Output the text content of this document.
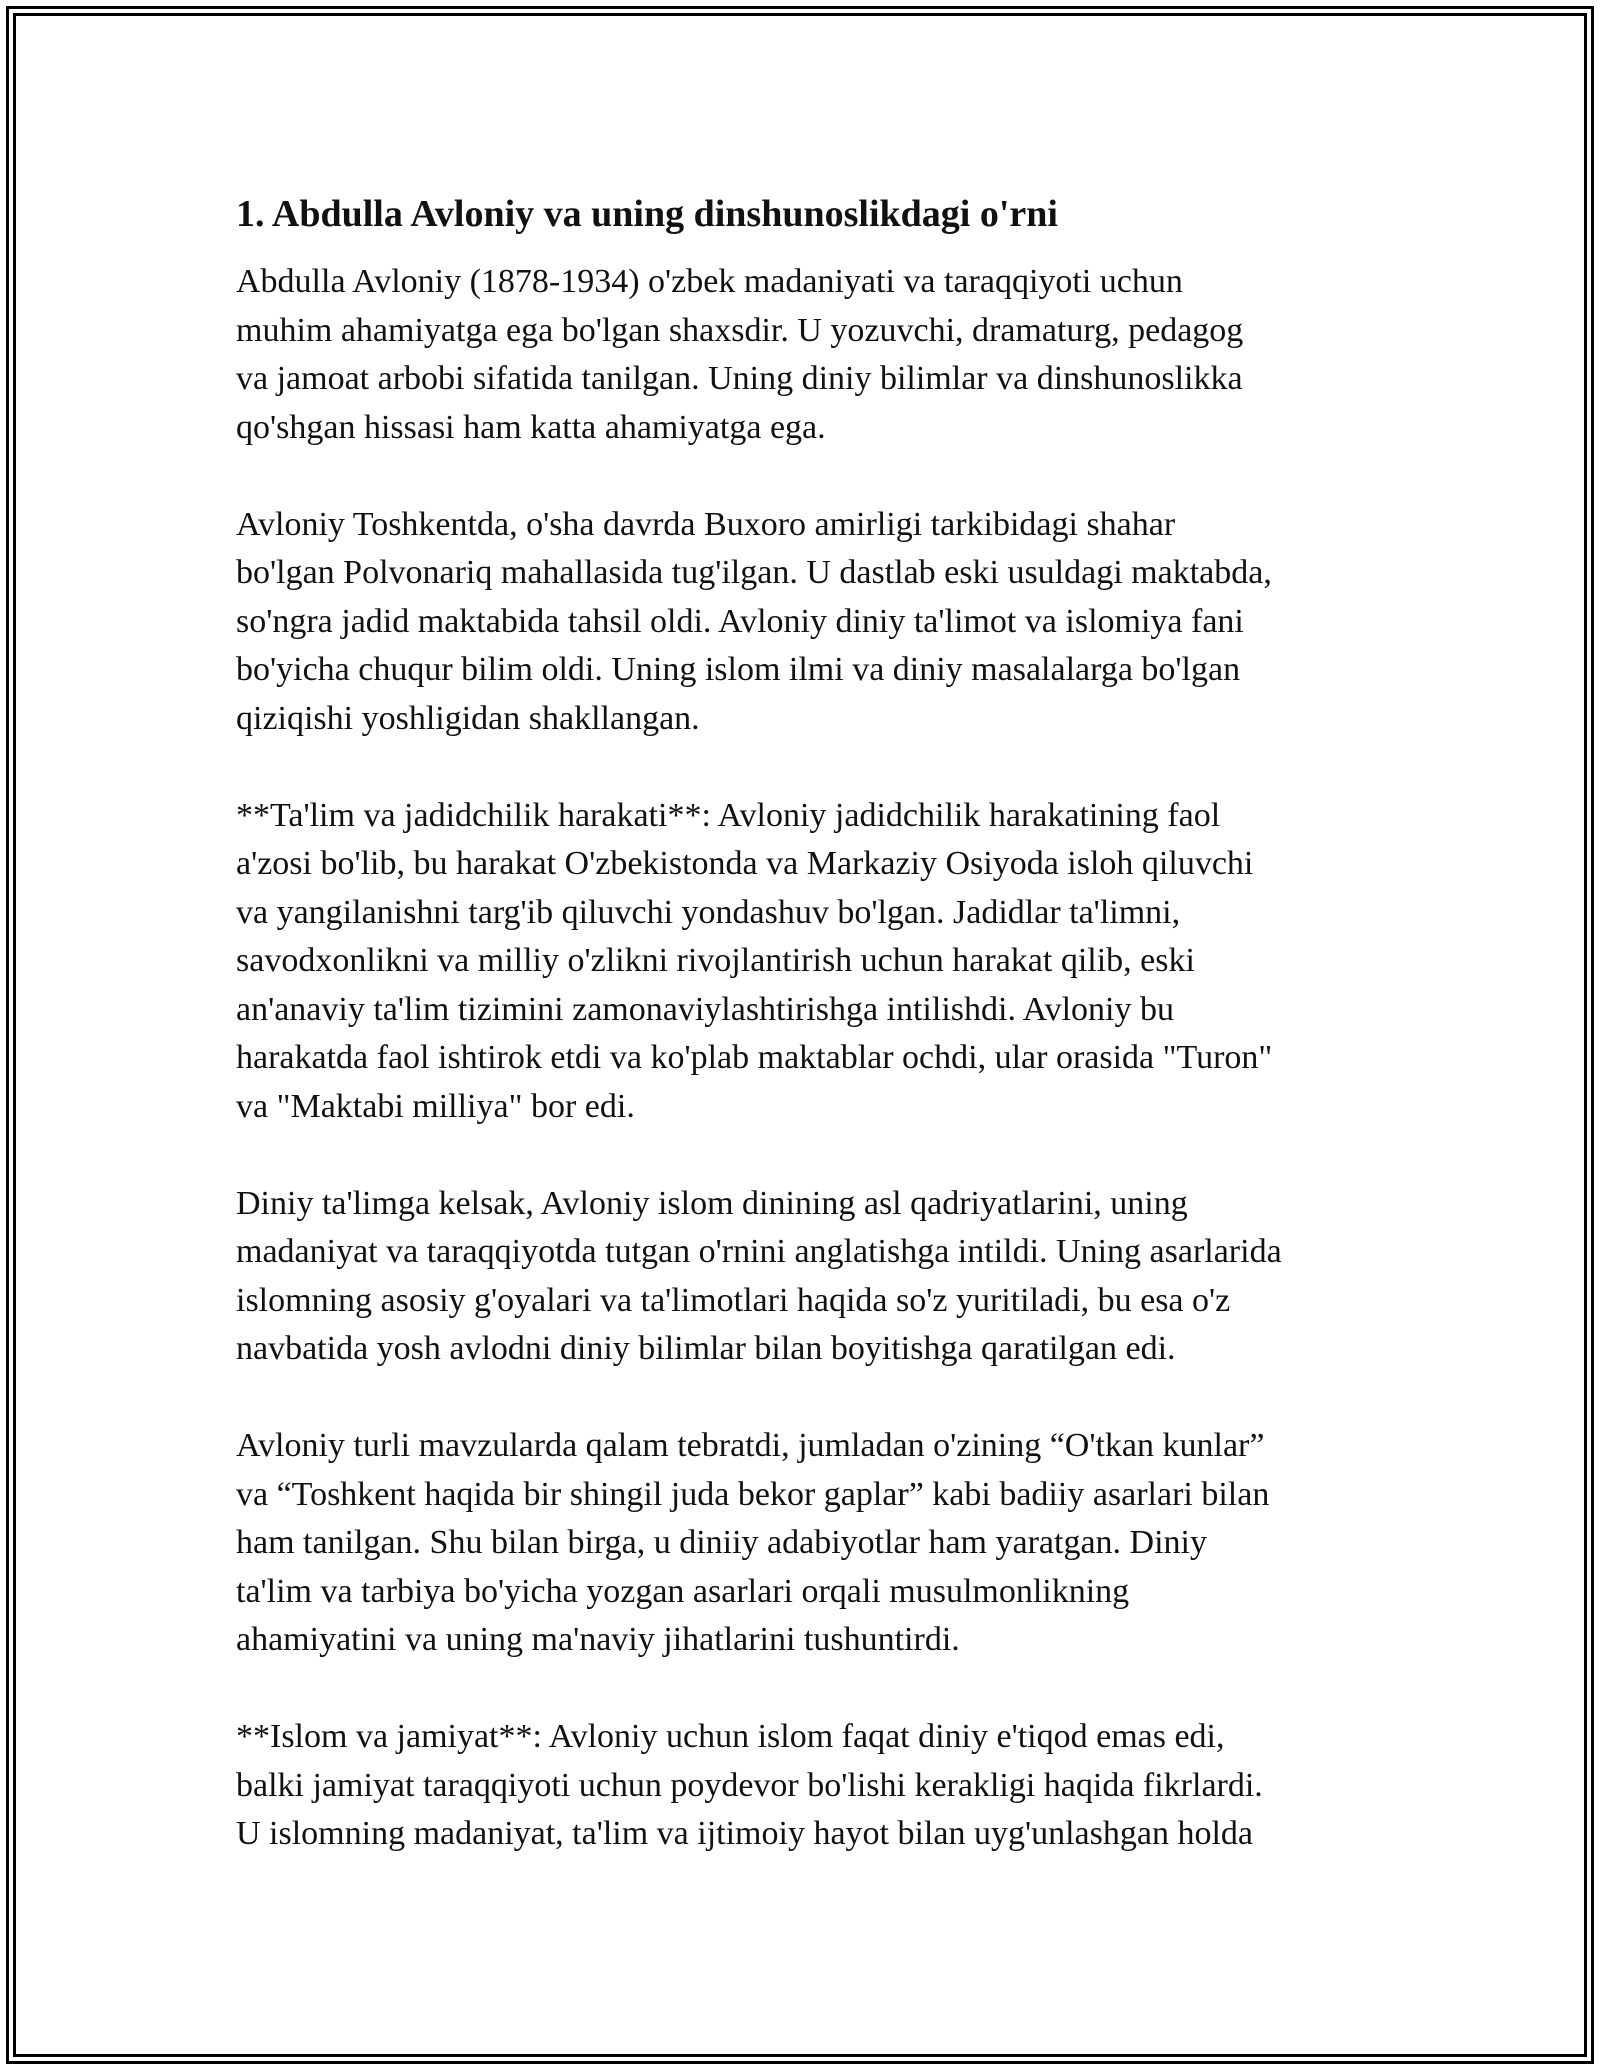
1. Abdulla Avloniy va uning dinshunoslikdagi o'rni
Abdulla Avloniy (1878-1934) o'zbek madaniyati va taraqqiyoti uchun
muhim ahamiyatga ega bo'lgan shaxsdir. U yozuvchi, dramaturg, pedagog
va jamoat arbobi sifatida tanilgan. Uning diniy bilimlar va dinshunoslikka
qo'shgan hissasi ham katta ahamiyatga ega.
Avloniy Toshkentda, o'sha davrda Buxoro amirligi tarkibidagi shahar
bo'lgan Polvonariq mahallasida tug'ilgan. U dastlab eski usuldagi maktabda,
so'ngra jadid maktabida tahsil oldi. Avloniy diniy ta'limot va islomiya fani
bo'yicha chuqur bilim oldi. Uning islom ilmi va diniy masalalarga bo'lgan
qiziqishi yoshligidan shakllangan.
**Ta'lim va jadidchilik harakati**: Avloniy jadidchilik harakatining faol
a'zosi bo'lib, bu harakat O'zbekistonda va Markaziy Osiyoda isloh qiluvchi
va yangilanishni targ'ib qiluvchi yondashuv bo'lgan. Jadidlar ta'limni,
savodxonlikni va milliy o'zlikni rivojlantirish uchun harakat qilib, eski
an'anaviy ta'lim tizimini zamonaviylashtirishga intilishdi. Avloniy bu
harakatda faol ishtirok etdi va ko'plab maktablar ochdi, ular orasida "Turon"
va "Maktabi milliya" bor edi.
Diniy ta'limga kelsak, Avloniy islom dinining asl qadriyatlarini, uning
madaniyat va taraqqiyotda tutgan o'rnini anglatishga intildi. Uning asarlarida
islomning asosiy g'oyalari va ta'limotlari haqida so'z yuritiladi, bu esa o'z
navbatida yosh avlodni diniy bilimlar bilan boyitishga qaratilgan edi.
Avloniy turli mavzularda qalam tebratdi, jumladan o'zining “O'tkan kunlar”
va “Toshkent haqida bir shingil juda bekor gaplar” kabi badiiy asarlari bilan
ham tanilgan. Shu bilan birga, u diniiy adabiyotlar ham yaratgan. Diniy
ta'lim va tarbiya bo'yicha yozgan asarlari orqali musulmonlikning
ahamiyatini va uning ma'naviy jihatlarini tushuntirdi.
**Islom va jamiyat**: Avloniy uchun islom faqat diniy e'tiqod emas edi,
balki jamiyat taraqqiyoti uchun poydevor bo'lishi kerakligi haqida fikrlardi.
U islomning madaniyat, ta'lim va ijtimoiy hayot bilan uyg'unlashgan holda
